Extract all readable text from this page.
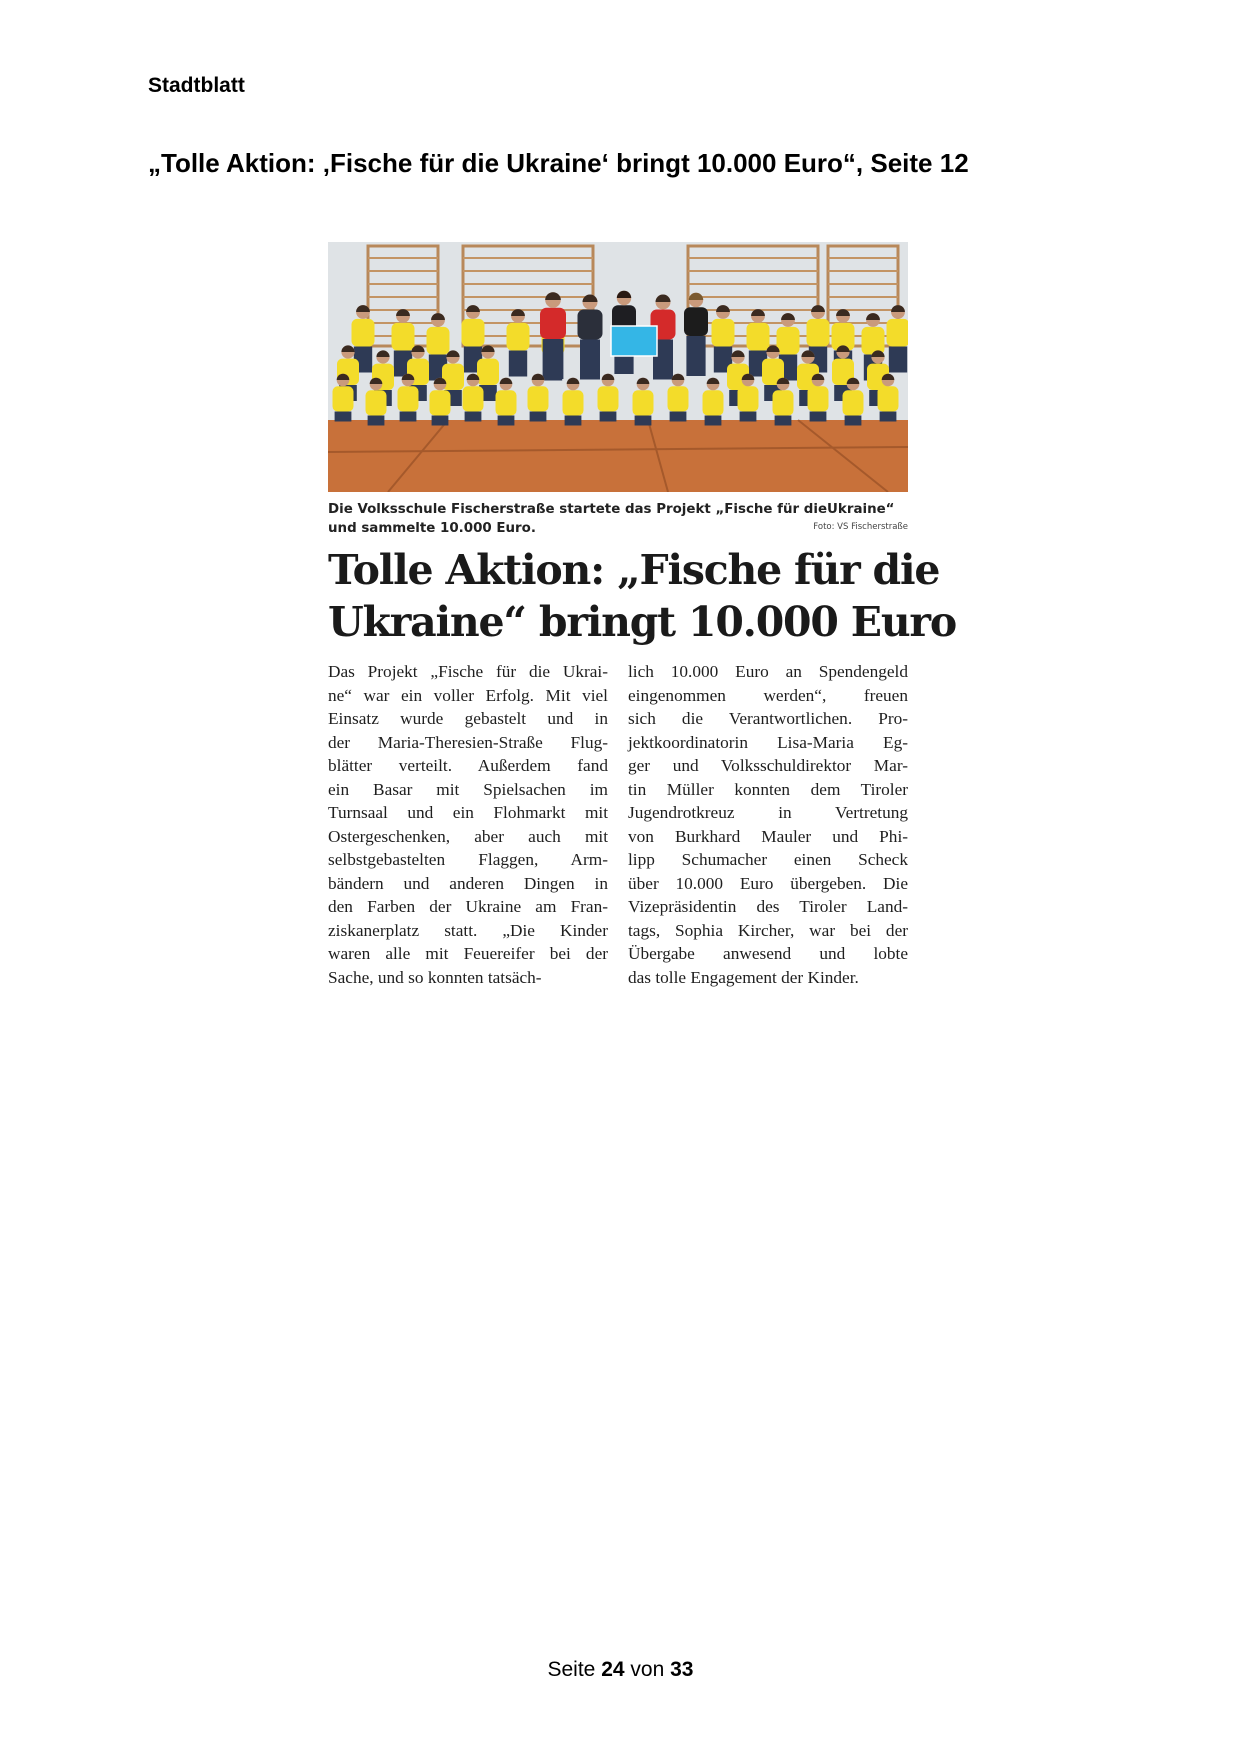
Stadtblatt
„Tolle Aktion: ‚Fische für die Ukraine‘ bringt 10.000 Euro“, Seite 12
Die Volksschule Fischerstraße startete das Projekt „Fische für dieUkraine“
und sammelte 10.000 Euro.	Foto: VS Fischerstraße
Tolle Aktion: „Fische für die
Ukraine“ bringt 10.000 Euro
Das Projekt „Fische für die Ukrai-
ne“ war ein voller Erfolg. Mit viel
Einsatz wurde gebastelt und in
der Maria-Theresien-Straße Flug-
blätter verteilt. Außerdem fand
ein Basar mit Spielsachen im
Turnsaal und ein Flohmarkt mit
Ostergeschenken, aber auch mit
selbstgebastelten Flaggen, Arm-
bändern und anderen Dingen in
den Farben der Ukraine am Fran-
ziskanerplatz statt. „Die Kinder
waren alle mit Feuereifer bei der
Sache, und so konnten tatsäch-
lich 10.000 Euro an Spendengeld
eingenommen werden“, freuen
sich die Verantwortlichen. Pro-
jektkoordinatorin Lisa-Maria Eg-
ger und Volksschuldirektor Mar-
tin Müller konnten dem Tiroler
Jugendrotkreuz in Vertretung
von Burkhard Mauler und Phi-
lipp Schumacher einen Scheck
über 10.000 Euro übergeben. Die
Vizepräsidentin des Tiroler Land-
tags, Sophia Kircher, war bei der
Übergabe anwesend und lobte
das tolle Engagement der Kinder.
Seite 24 von 33
